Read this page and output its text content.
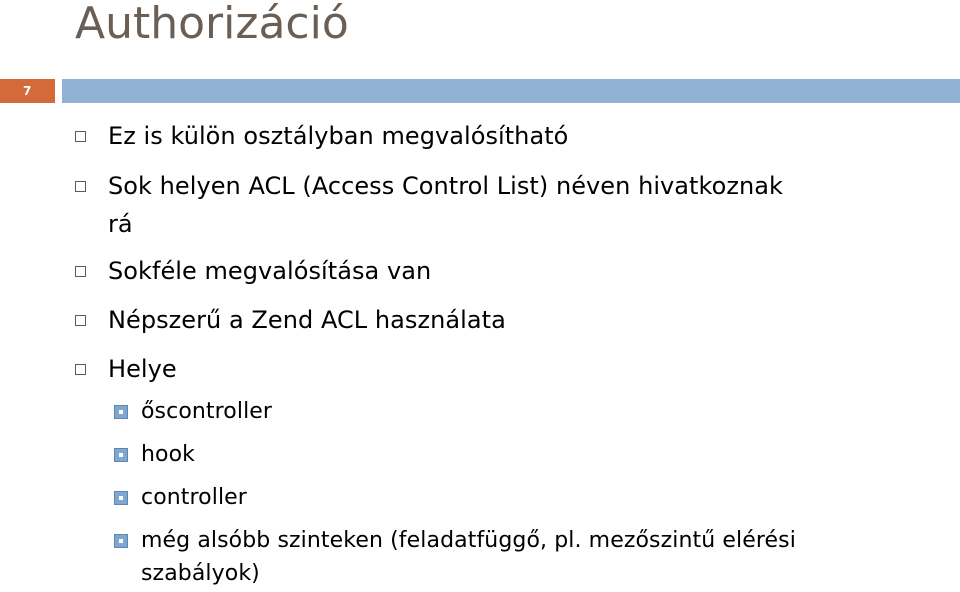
Authorizáció
7
Ez is külön osztályban megvalósítható
Sok helyen ACL (Access Control List) néven hivatkoznak
rá
Sokféle megvalósítása van
Népszerű a Zend ACL használata
Helye
őscontroller
hook
controller
még alsóbb szinteken (feladatfüggő, pl. mezőszintű elérési
szabályok)
